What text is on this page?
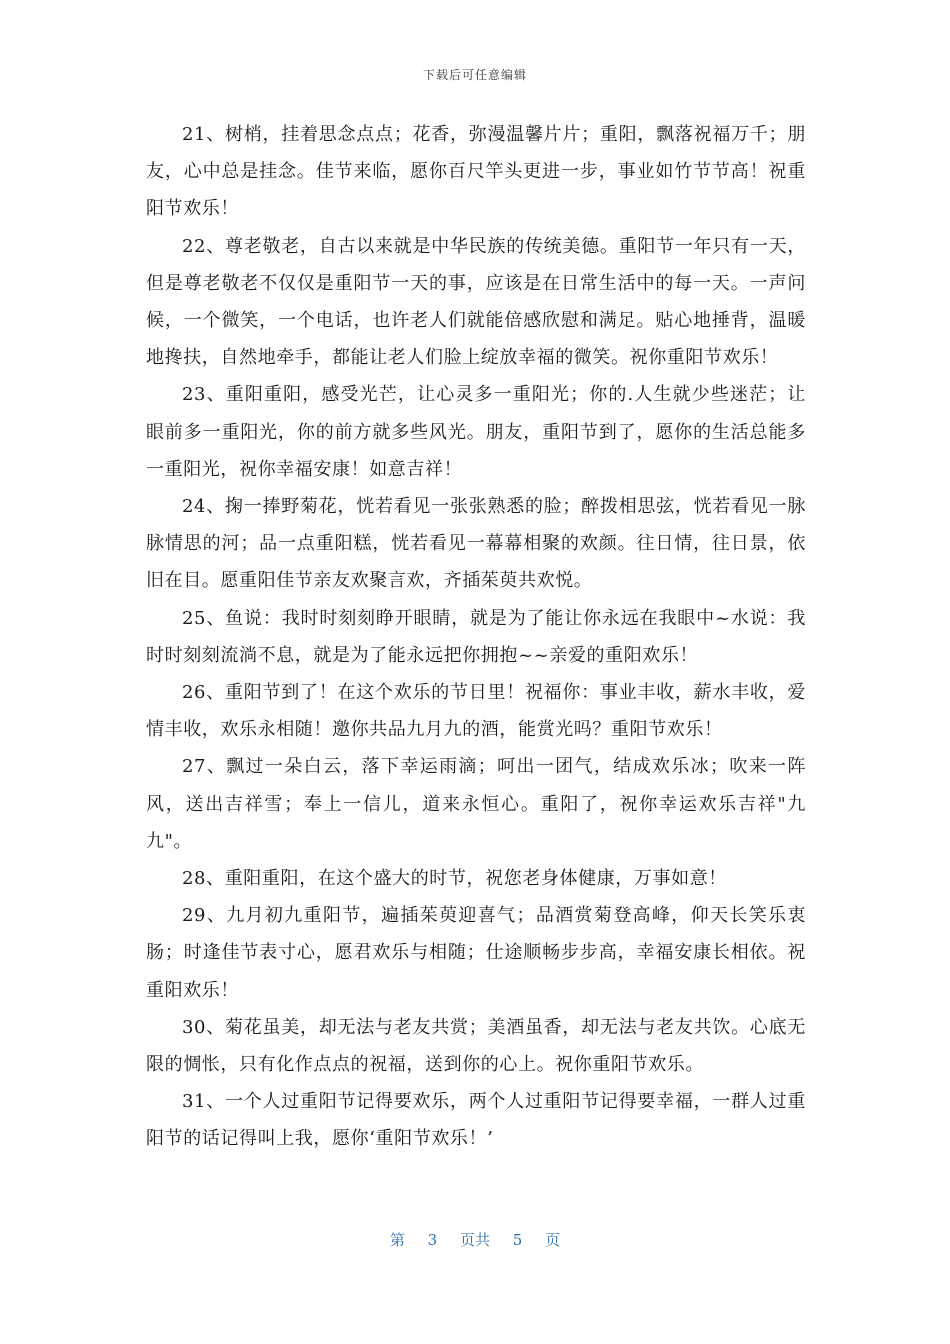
下载后可任意编辑

21、树梢，挂着思念点点；花香，弥漫温馨片片；重阳，飘落祝福万千；朋友，心中总是挂念。佳节来临，愿你百尺竿头更进一步，事业如竹节节高！祝重阳节欢乐！

22、尊老敬老，自古以来就是中华民族的传统美德。重阳节一年只有一天，但是尊老敬老不仅仅是重阳节一天的事，应该是在日常生活中的每一天。一声问候，一个微笑，一个电话，也许老人们就能倍感欣慰和满足。贴心地捶背，温暖地搀扶，自然地牵手，都能让老人们脸上绽放幸福的微笑。祝你重阳节欢乐！

23、重阳重阳，感受光芒，让心灵多一重阳光；你的.人生就少些迷茫；让眼前多一重阳光，你的前方就多些风光。朋友，重阳节到了，愿你的生活总能多一重阳光，祝你幸福安康！如意吉祥！

24、掬一捧野菊花，恍若看见一张张熟悉的脸；醉拨相思弦，恍若看见一脉脉情思的河；品一点重阳糕，恍若看见一幕幕相聚的欢颜。往日情，往日景，依旧在目。愿重阳佳节亲友欢聚言欢，齐插茱萸共欢悦。

25、鱼说：我时时刻刻睁开眼睛，就是为了能让你永远在我眼中~水说：我时时刻刻流淌不息，就是为了能永远把你拥抱~~亲爱的重阳欢乐！

26、重阳节到了！在这个欢乐的节日里！祝福你：事业丰收，薪水丰收，爱情丰收，欢乐永相随！邀你共品九月九的酒，能赏光吗？重阳节欢乐！

27、飘过一朵白云，落下幸运雨滴；呵出一团气，结成欢乐冰；吹来一阵风，送出吉祥雪；奉上一信儿，道来永恒心。重阳了，祝你幸运欢乐吉祥"九九"。

28、重阳重阳，在这个盛大的时节，祝您老身体健康，万事如意！

29、九月初九重阳节，遍插茱萸迎喜气；品酒赏菊登高峰，仰天长笑乐衷肠；时逢佳节表寸心，愿君欢乐与相随；仕途顺畅步步高，幸福安康长相依。祝重阳欢乐！

30、菊花虽美，却无法与老友共赏；美酒虽香，却无法与老友共饮。心底无限的惆怅，只有化作点点的祝福，送到你的心上。祝你重阳节欢乐。

31、一个人过重阳节记得要欢乐，两个人过重阳节记得要幸福，一群人过重阳节的话记得叫上我，愿你‘重阳节欢乐！’

第 3 页共 5 页
